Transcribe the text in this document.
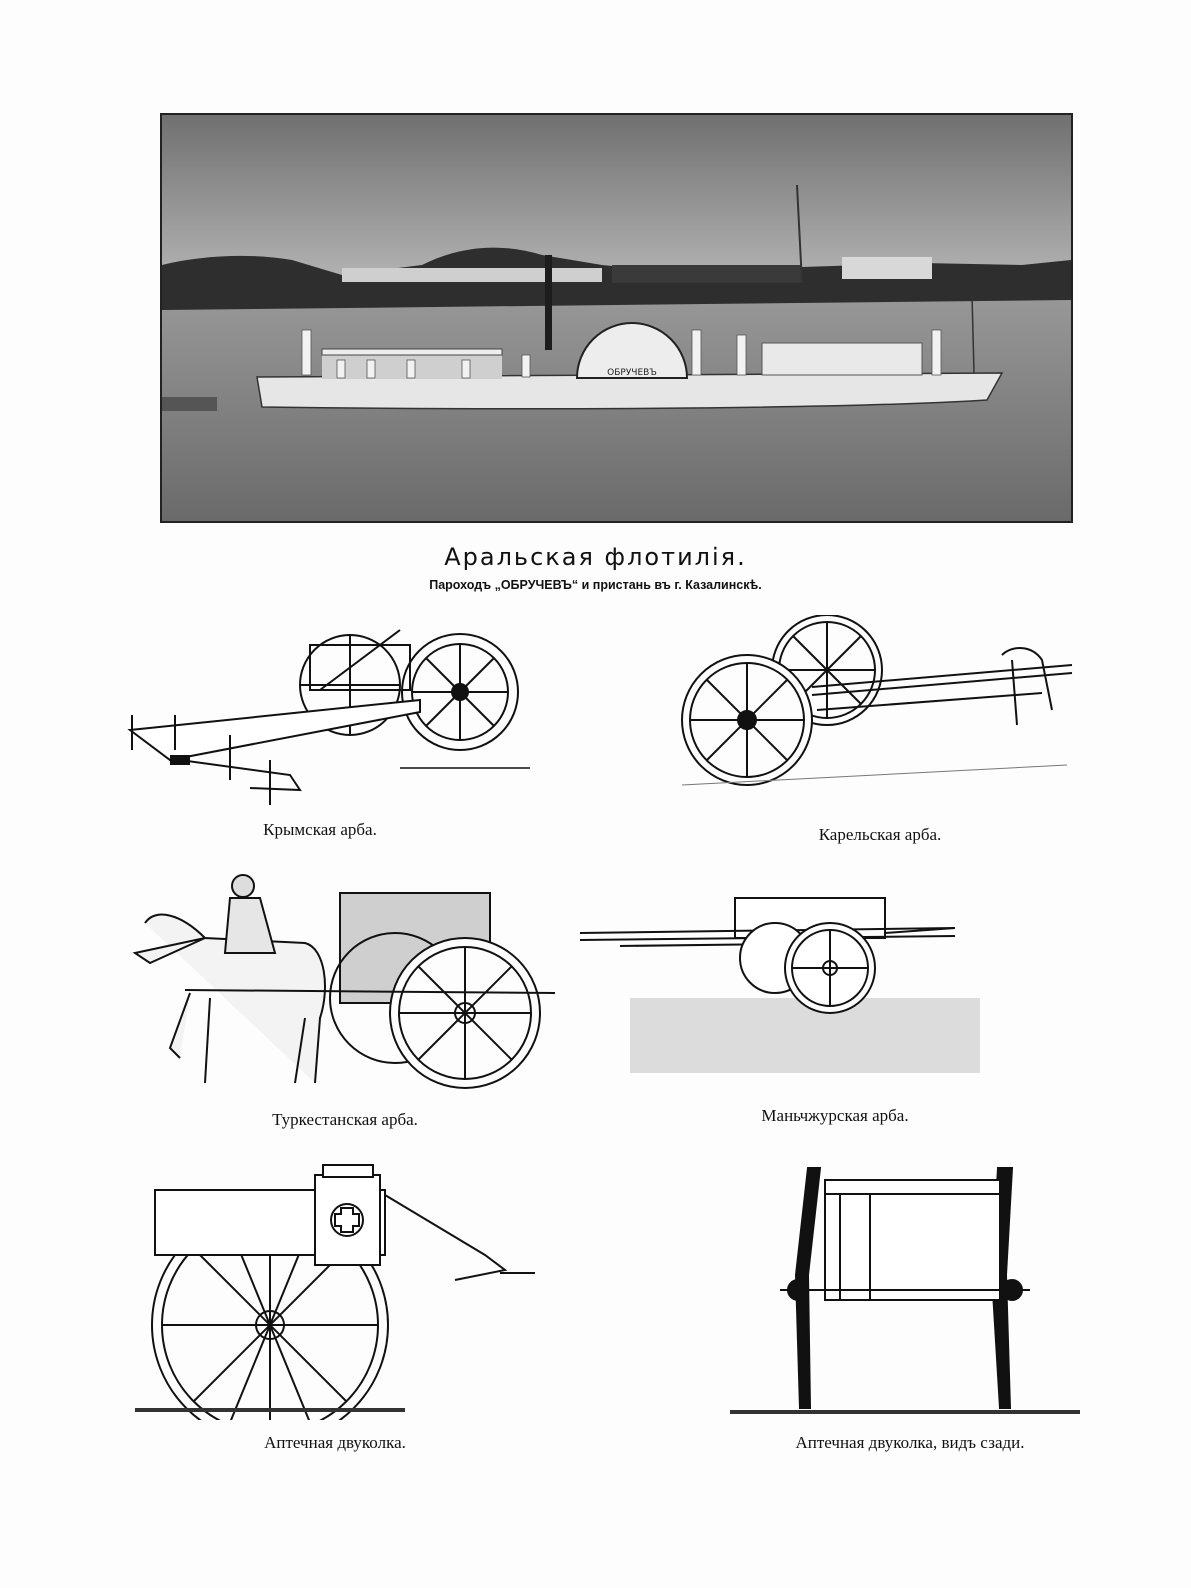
ОБРУЧЕВЪ
Аральская флотилія.
Пароходъ „ОБРУЧЕВЪ“ и пристань въ г. Казалинскѣ.
Крымская арба.	Карельская арба.
Туркестанская арба.	Маньчжурская арба.
Аптечная двуколка.	Аптечная двуколка, видъ сзади.
